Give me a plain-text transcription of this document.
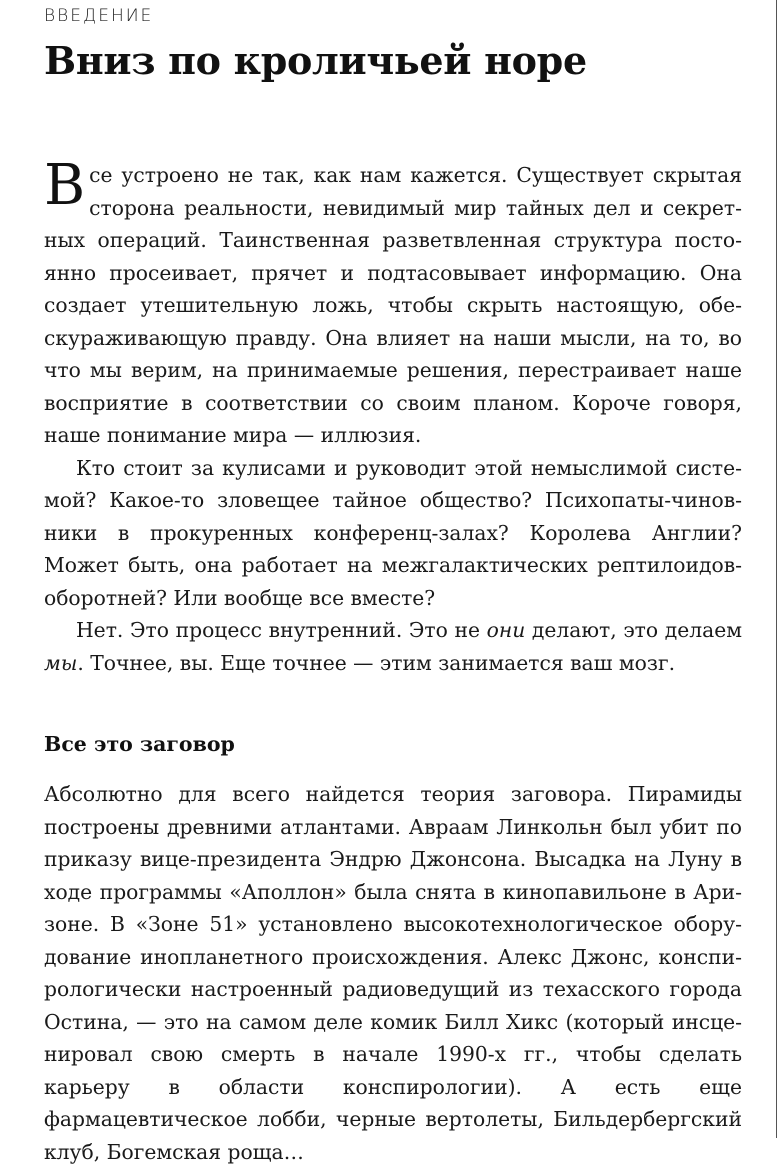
ВВЕДЕНИЕ
Вниз по кроличьей норе

Все устроено не так, как нам кажется. Существует скрытая сторона реальности, невидимый мир тайных дел и секретных операций. Таинственная разветвленная структура постоянно просеивает, прячет и подтасовывает информацию. Она создает утешительную ложь, чтобы скрыть настоящую, обескураживающую правду. Она влияет на наши мысли, на то, во что мы верим, на принимаемые решения, перестраивает наше восприятие в соответствии со своим планом. Короче говоря, наше понимание мира — иллюзия.

Кто стоит за кулисами и руководит этой немыслимой системой? Какое-то зловещее тайное общество? Психопаты-чиновники в прокуренных конференц-залах? Королева Англии? Может быть, она работает на межгалактических рептилоидов-оборотней? Или вообще все вместе?

Нет. Это процесс внутренний. Это не они делают, это делаем мы. Точнее, вы. Еще точнее — этим занимается ваш мозг.

Все это заговор

Абсолютно для всего найдется теория заговора. Пирамиды построены древними атлантами. Авраам Линкольн был убит по приказу вице-президента Эндрю Джонсона. Высадка на Луну в ходе программы «Аполлон» была снята в кинопавильоне в Аризоне. В «Зоне 51» установлено высокотехнологическое оборудование инопланетного происхождения. Алекс Джонс, конспирологически настроенный радиоведущий из техасского города Остина, — это на самом деле комик Билл Хикс (который инсценировал свою смерть в начале 1990-х гг., чтобы сделать карьеру в области конспирологии). А есть еще фармацевтическое лобби, черные вертолеты, Бильдербергский клуб, Богемская роща…
